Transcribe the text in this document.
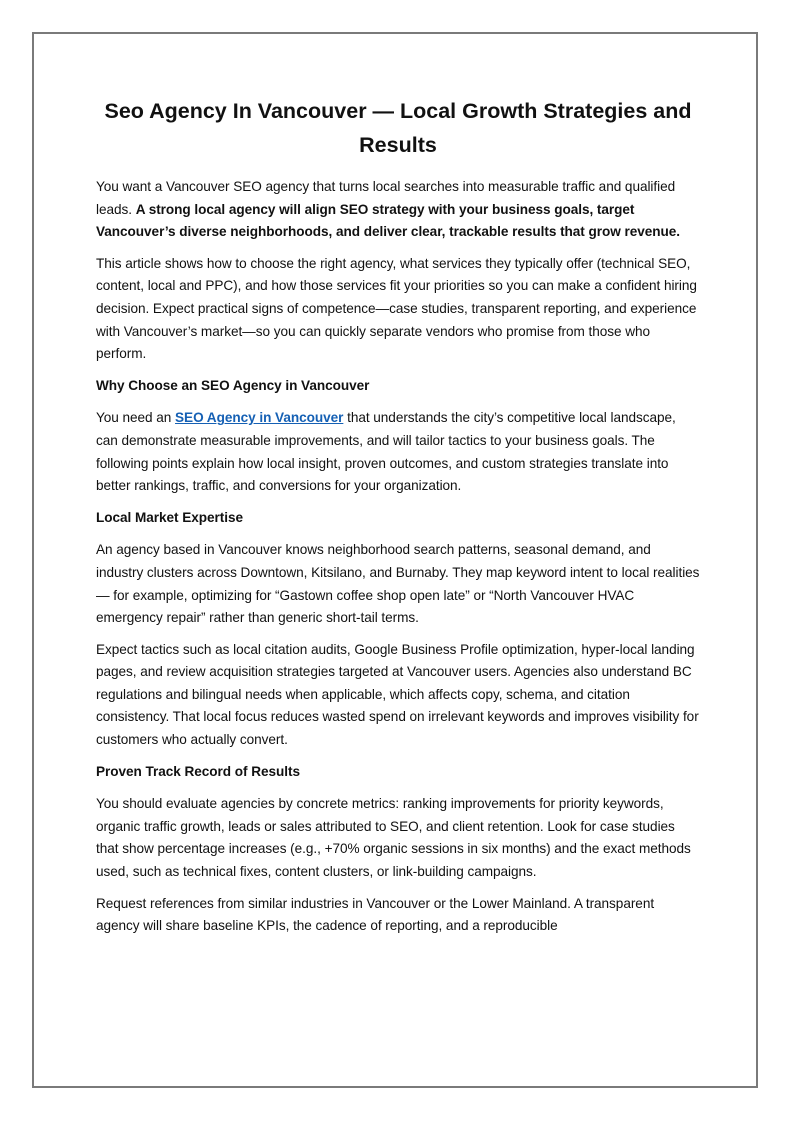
Seo Agency In Vancouver — Local Growth Strategies and Results

You want a Vancouver SEO agency that turns local searches into measurable traffic and qualified leads. A strong local agency will align SEO strategy with your business goals, target Vancouver’s diverse neighborhoods, and deliver clear, trackable results that grow revenue.

This article shows how to choose the right agency, what services they typically offer (technical SEO, content, local and PPC), and how those services fit your priorities so you can make a confident hiring decision. Expect practical signs of competence—case studies, transparent reporting, and experience with Vancouver’s market—so you can quickly separate vendors who promise from those who perform.

Why Choose an SEO Agency in Vancouver

You need an SEO Agency in Vancouver that understands the city’s competitive local landscape, can demonstrate measurable improvements, and will tailor tactics to your business goals. The following points explain how local insight, proven outcomes, and custom strategies translate into better rankings, traffic, and conversions for your organization.

Local Market Expertise

An agency based in Vancouver knows neighborhood search patterns, seasonal demand, and industry clusters across Downtown, Kitsilano, and Burnaby. They map keyword intent to local realities — for example, optimizing for “Gastown coffee shop open late” or “North Vancouver HVAC emergency repair” rather than generic short-tail terms.

Expect tactics such as local citation audits, Google Business Profile optimization, hyper-local landing pages, and review acquisition strategies targeted at Vancouver users. Agencies also understand BC regulations and bilingual needs when applicable, which affects copy, schema, and citation consistency. That local focus reduces wasted spend on irrelevant keywords and improves visibility for customers who actually convert.

Proven Track Record of Results

You should evaluate agencies by concrete metrics: ranking improvements for priority keywords, organic traffic growth, leads or sales attributed to SEO, and client retention. Look for case studies that show percentage increases (e.g., +70% organic sessions in six months) and the exact methods used, such as technical fixes, content clusters, or link-building campaigns.

Request references from similar industries in Vancouver or the Lower Mainland. A transparent agency will share baseline KPIs, the cadence of reporting, and a reproducible
